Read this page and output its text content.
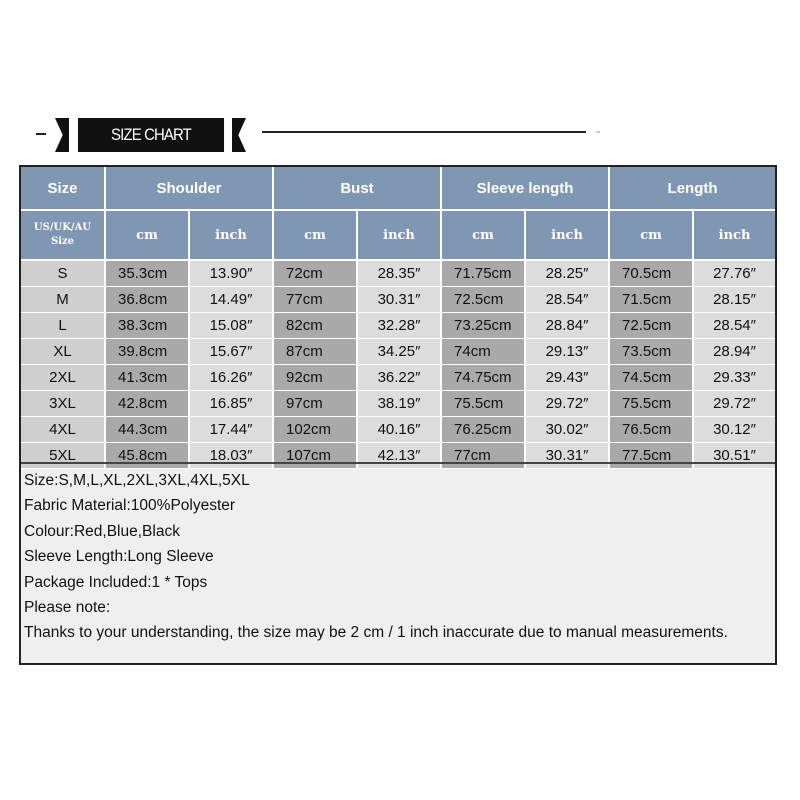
SIZE CHART
Size	Shoulder		Bust		Sleeve length		Length	

US/UK/AU
Size	cm	inch	cm	inch	cm	inch	cm	inch
S	35.3cm	13.90″	72cm	28.35″	71.75cm	28.25″	70.5cm	27.76″
M	36.8cm	14.49″	77cm	30.31″	72.5cm	28.54″	71.5cm	28.15″
L	38.3cm	15.08″	82cm	32.28″	73.25cm	28.84″	72.5cm	28.54″
XL	39.8cm	15.67″	87cm	34.25″	74cm	29.13″	73.5cm	28.94″
2XL	41.3cm	16.26″	92cm	36.22″	74.75cm	29.43″	74.5cm	29.33″
3XL	42.8cm	16.85″	97cm	38.19″	75.5cm	29.72″	75.5cm	29.72″
4XL	44.3cm	17.44″	102cm	40.16″	76.25cm	30.02″	76.5cm	30.12″
5XL	45.8cm	18.03″	107cm	42.13″	77cm	30.31″	77.5cm	30.51″
Size:S,M,L,XL,2XL,3XL,4XL,5XL
Fabric Material:100%Polyester
Colour:Red,Blue,Black
Sleeve Length:Long Sleeve
Package Included:1 * Tops
Please note:
Thanks to your understanding, the size may be 2 cm / 1 inch inaccurate due to manual measurements.
